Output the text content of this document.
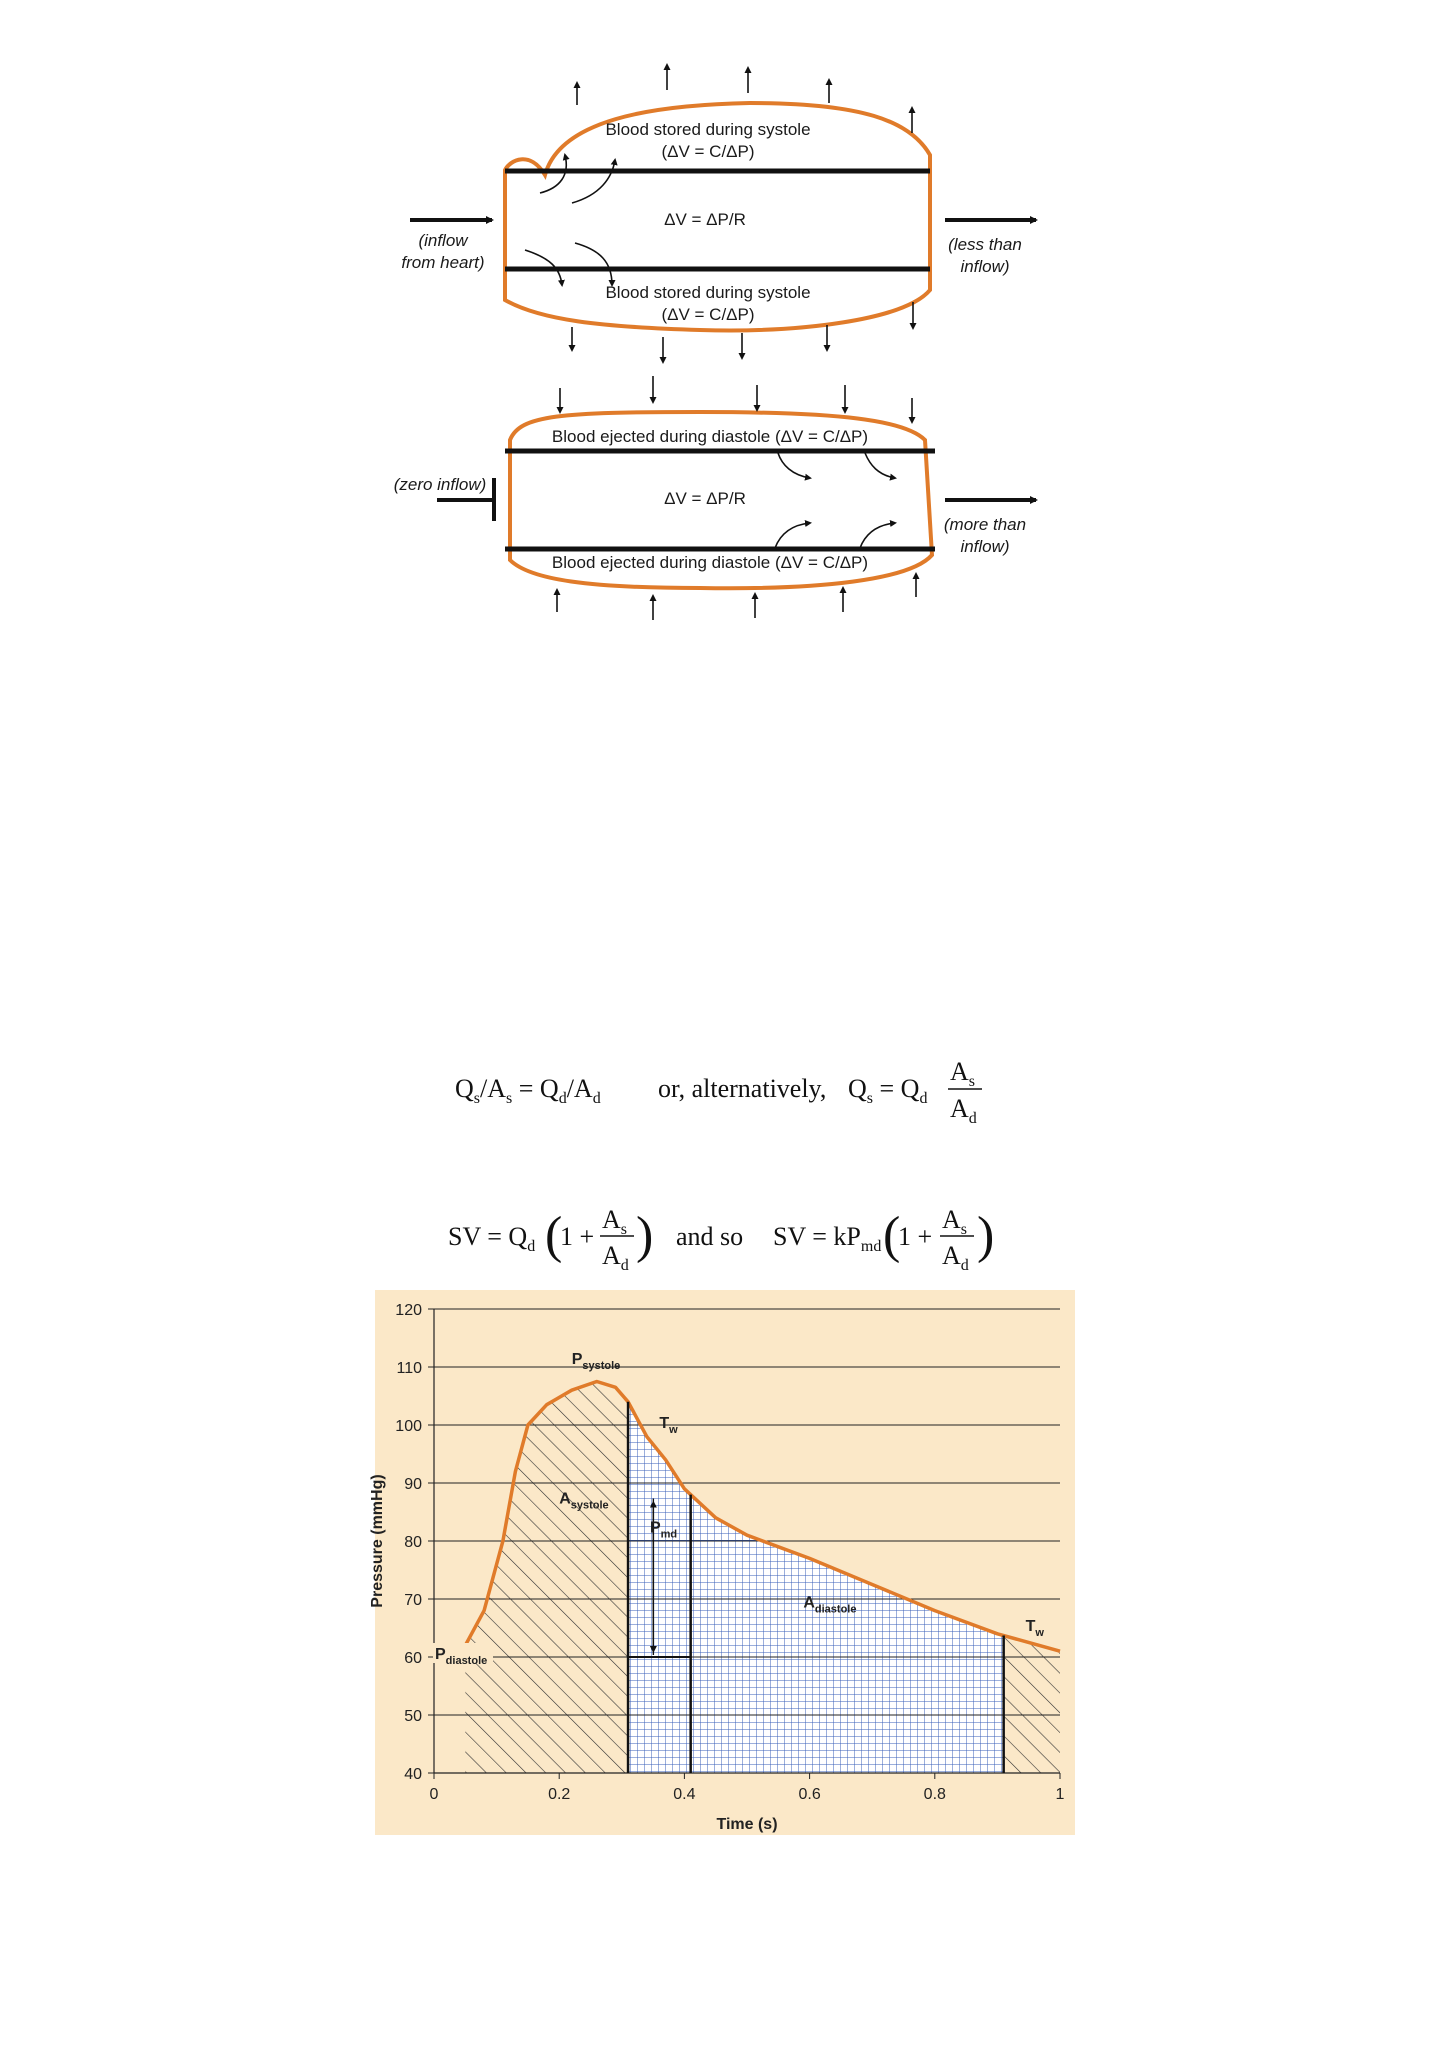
Blood stored during systole
(ΔV = C/ΔP)
ΔV = ΔP/R
Blood stored during systole
(ΔV = C/ΔP)
(inflow
from heart)
(less than
inflow)
Blood ejected during diastole (ΔV = C/ΔP)
ΔV = ΔP/R
Blood ejected during diastole (ΔV = C/ΔP)
(zero inflow)
(more than
inflow)
$Q_s/A_s = Q_d/A_d$ or, alternatively, $Q_s = Q_d$
$A_s$
$A_d$
SV = $Q_d$ (
1 +
$A_s$
$A_d$
) and so SV = $kP_{md}$ (
1 +
$A_s$
$A_d$
)
40
50
60
70
80
90
100
110
120
0	0.2	0.4	0.6	0.8	1
Time (s)
Pressure (mmHg)
$P_{systole}$
$P_{diastole}$
$A_{systole}$
$A_{diastole}$
$P_{md}$
$T_w$
$T_w$
